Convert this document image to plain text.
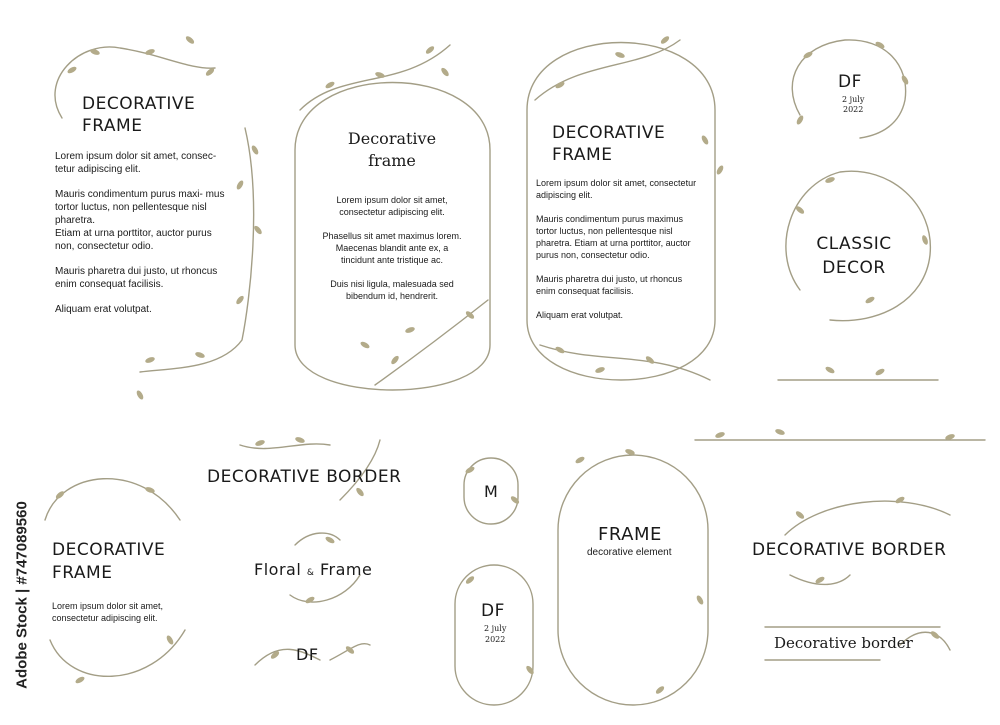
DECORATIVE
FRAME

Lorem ipsum dolor sit amet, consec- tetur adipiscing elit.

Mauris condimentum purus maxi- mus tortor luctus, non pellentesque nisl pharetra.

Etiam at urna porttitor, auctor purus non, consectetur odio.

Mauris pharetra dui justo, ut rhoncus enim consequat facilisis.

Aliquam erat volutpat.

Decorative
frame

Lorem ipsum dolor sit amet, consectetur adipiscing elit.

Phasellus sit amet maximus lorem. Maecenas blandit ante ex, a tincidunt ante tristique ac.

Duis nisi ligula, malesuada sed bibendum id, hendrerit.

DECORATIVE
FRAME

Lorem ipsum dolor sit amet, consectetur adipiscing elit.

Mauris condimentum purus maximus tortor luctus, non pellentesque nisl pharetra. Etiam at urna porttitor, auctor purus non, consectetur odio.

Mauris pharetra dui justo, ut rhoncus enim consequat facilisis.

Aliquam erat volutpat.

DF
2 july
2022
CLASSIC
DECOR
DECORATIVE
FRAME

Lorem ipsum dolor sit amet, consectetur adipiscing elit.

DECORATIVE BORDER
Floral & Frame
DF
M
DF
2 july
2022
FRAME
decorative element	DECORATIVE BORDER
Decorative border
Adobe Stock | #747089560
